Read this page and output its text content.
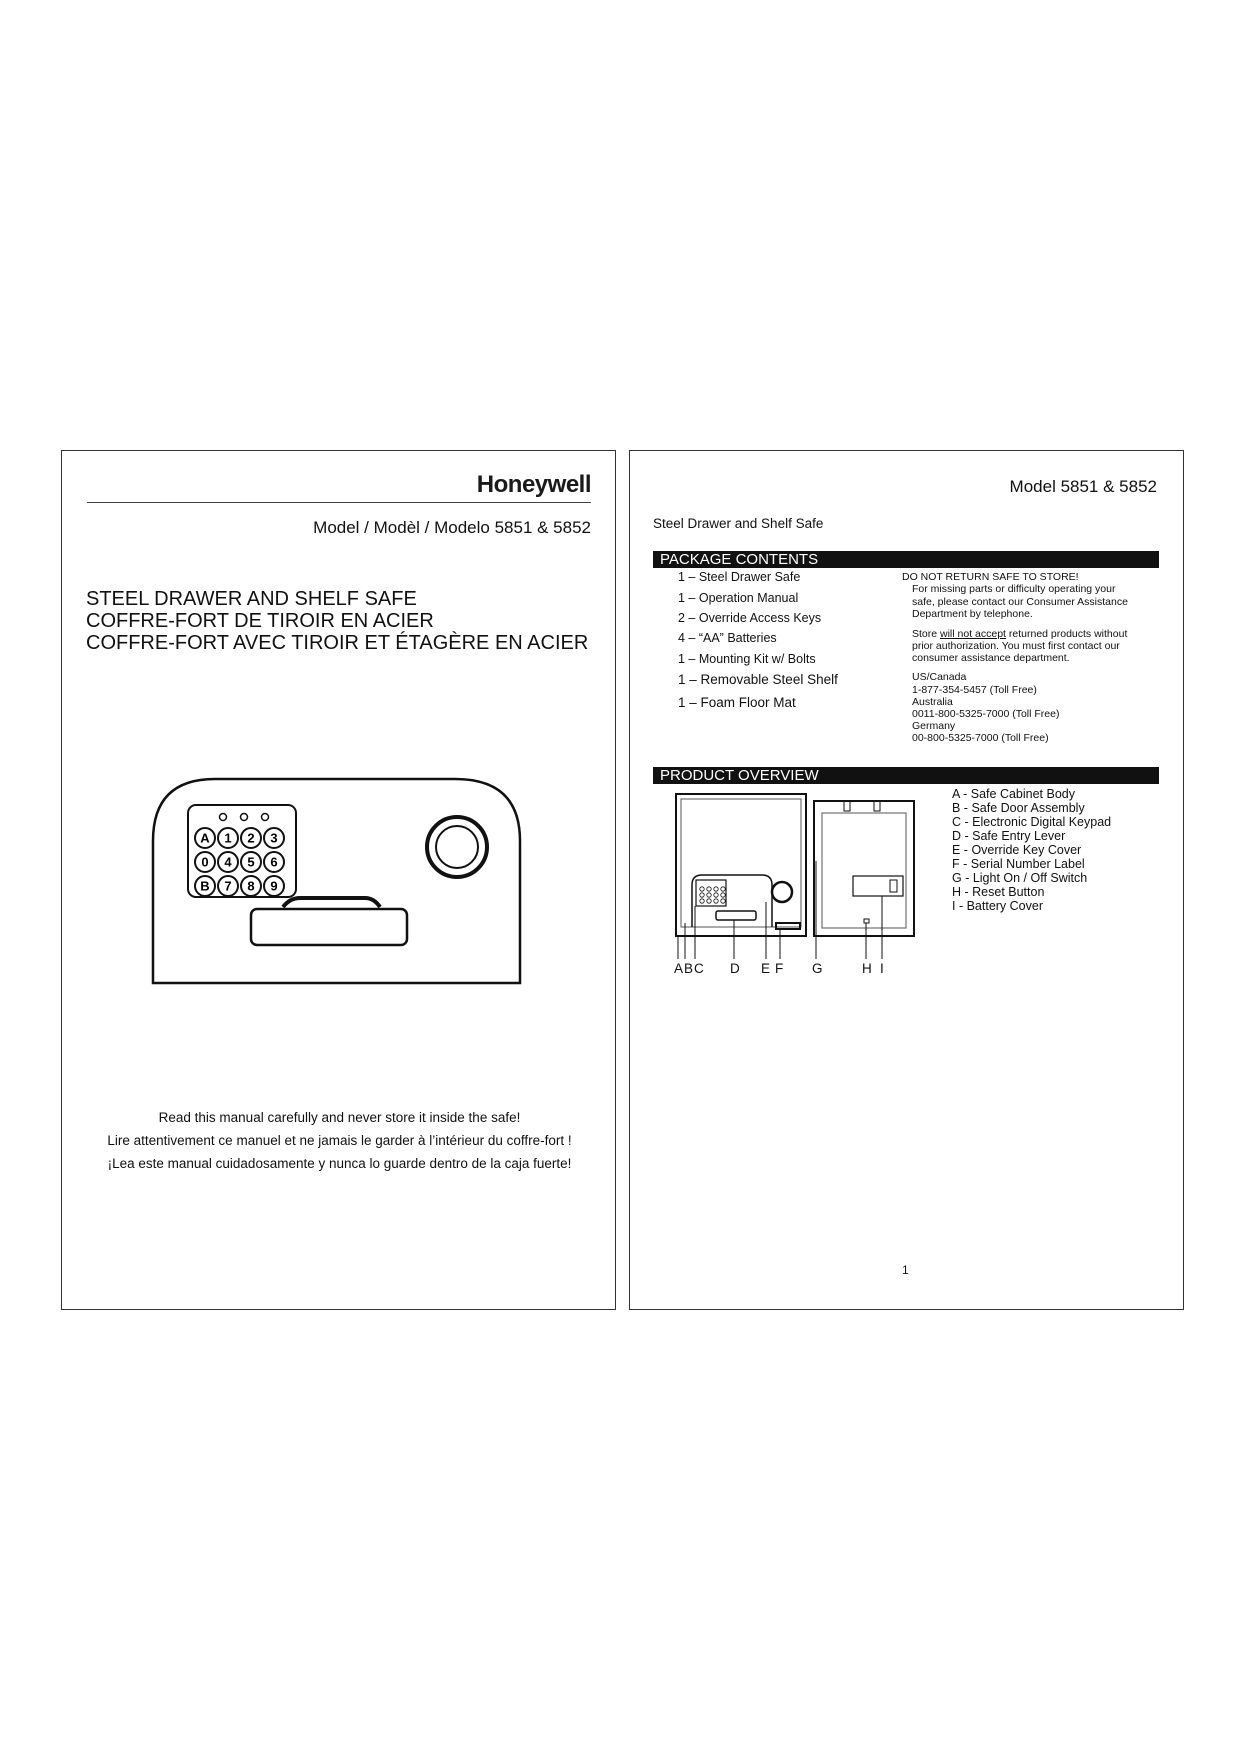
Honeywell
Model / Modèl / Modelo 5851 & 5852
STEEL DRAWER AND SHELF SAFE
COFFRE-FORT DE TIROIR EN ACIER
COFFRE-FORT AVEC TIROIR ET ÉTAGÈRE EN ACIER
A 1 2 3
0 4 5 6
B 7 8 9
Read this manual carefully and never store it inside the safe!
Lire attentivement ce manuel et ne jamais le garder à l’intérieur du coffre-fort !
¡Lea este manual cuidadosamente y nunca lo guarde dentro de la caja fuerte!
Model 5851 & 5852
Steel Drawer and Shelf Safe
PACKAGE CONTENTS
1 – Steel Drawer Safe
1 – Operation Manual
2 – Override Access Keys
4 – “AA” Batteries
1 – Mounting Kit w/ Bolts
1 – Removable Steel Shelf
1 – Foam Floor Mat
DO NOT RETURN SAFE TO STORE!
For missing parts or difficulty operating your
safe, please contact our Consumer Assistance
Department by telephone.
Store will not accept returned products without
prior authorization. You must first contact our
consumer assistance department.
US/Canada
1-877-354-5457 (Toll Free)
Australia
0011-800-5325-7000 (Toll Free)
Germany
00-800-5325-7000 (Toll Free)
PRODUCT OVERVIEW
A B C D E F G	H I
A - Safe Cabinet Body
B - Safe Door Assembly
C - Electronic Digital Keypad
D - Safe Entry Lever
E - Override Key Cover
F - Serial Number Label
G - Light On / Off Switch
H - Reset Button
I - Battery Cover
1
